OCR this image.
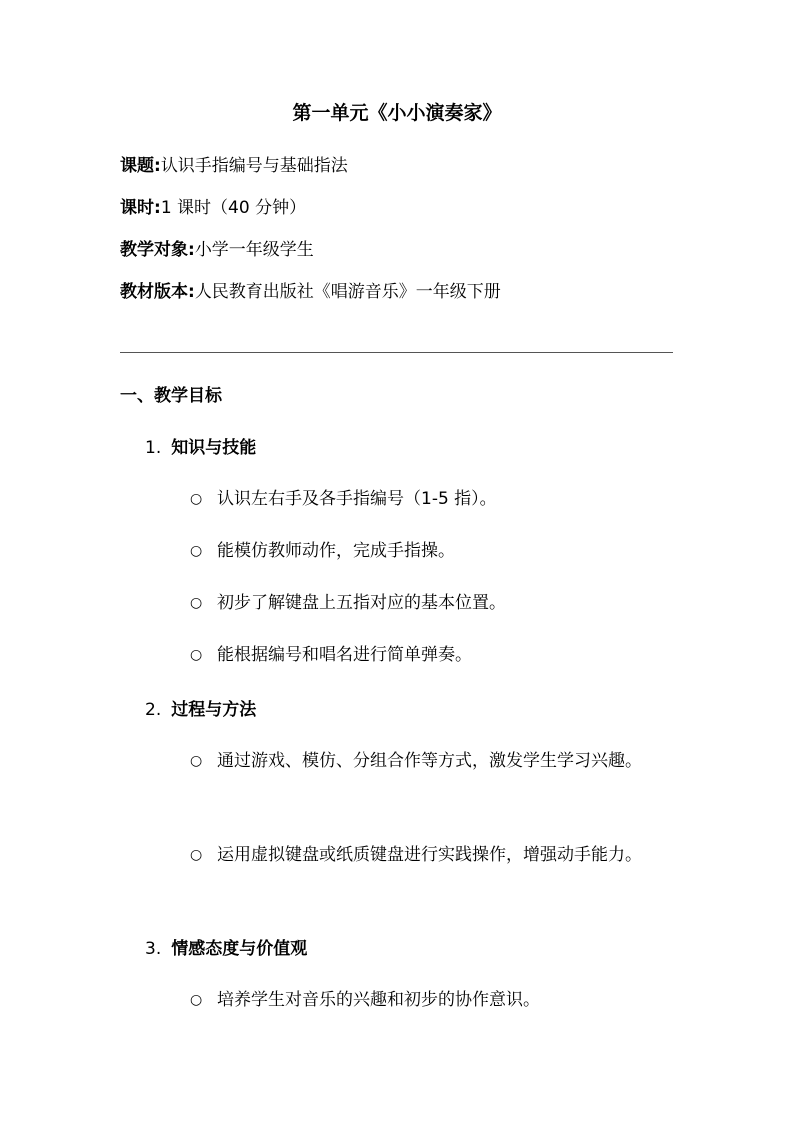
第一单元《小小演奏家》
课题:认识手指编号与基础指法
课时:1 课时（40 分钟）
教学对象:小学一年级学生
教材版本:人民教育出版社《唱游音乐》一年级下册
一、教学目标
1. 知识与技能
○ 认识左右手及各手指编号（1-5 指）。
○ 能模仿教师动作，完成手指操。
○ 初步了解键盘上五指对应的基本位置。
○ 能根据编号和唱名进行简单弹奏。
2. 过程与方法
○ 通过游戏、模仿、分组合作等方式，激发学生学习兴趣。
○ 运用虚拟键盘或纸质键盘进行实践操作，增强动手能力。
3. 情感态度与价值观
○ 培养学生对音乐的兴趣和初步的协作意识。
